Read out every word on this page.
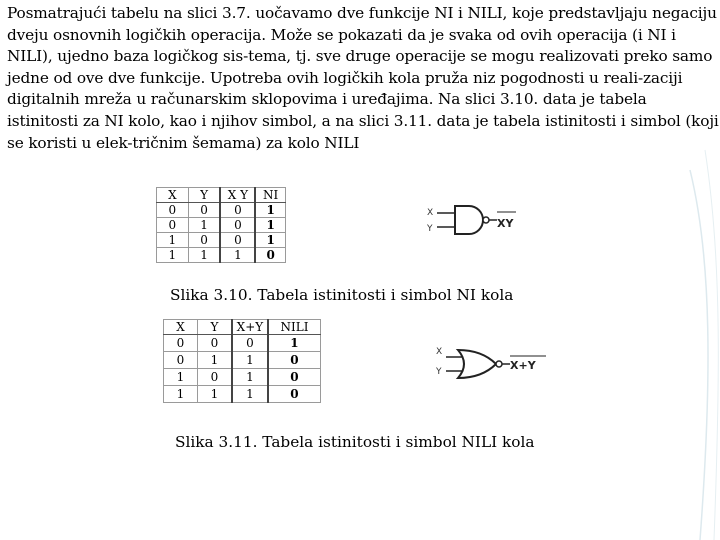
Posmatrajući tabelu na slici 3.7. uočavamo dve funkcije NI i NILI, koje predstavljaju negaciju
dveju osnovnih logičkih operacija. Može se pokazati da je svaka od ovih operacija (i NI i
NILI), ujedno baza logičkog sis-tema, tj. sve druge operacije se mogu realizovati preko samo
jedne od ove dve funkcije. Upotreba ovih logičkih kola pruža niz pogodnosti u reali-zaciji
digitalnih mreža u računarskim sklopovima i uređajima. Na slici 3.10. data je tabela
istinitosti za NI kolo, kao i njihov simbol, a na slici 3.11. data je tabela istinitosti i simbol (koji
se koristi u elek-tričnim šemama) za kolo NILI
X	Y	X Y	NI
0	0	0	1
0	1	0	1
1	0	0	1
1	1	1	0
X
Y	XY
Slika 3.10. Tabela istinitosti i simbol NI kola
X	Y	X+Y	NILI
0	0	0	1
0	1	1	0
1	0	1	0
1	1	1	0
X
Y	X+Y
Slika 3.11. Tabela istinitosti i simbol NILI kola
